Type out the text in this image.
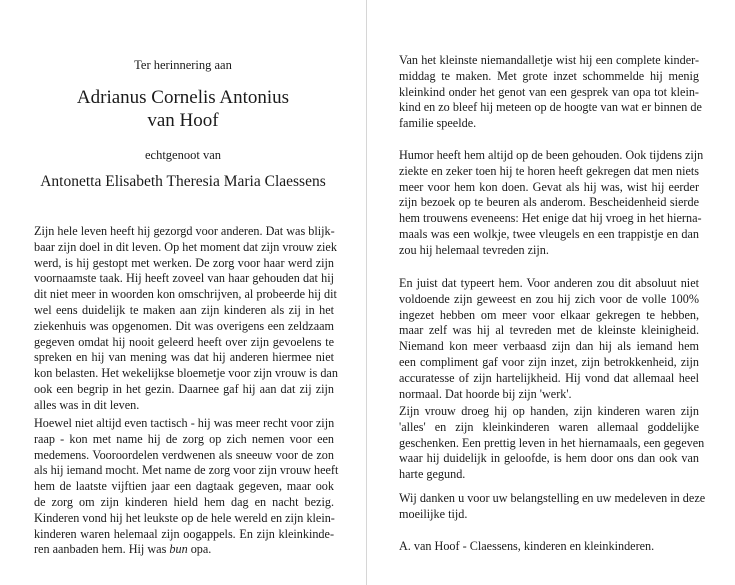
Ter herinnering aan
Adrianus Cornelis Antonius
van Hoof
echtgenoot van
Antonetta Elisabeth Theresia Maria Claessens
Zijn hele leven heeft hij gezorgd voor anderen. Dat was blijk-
baar zijn doel in dit leven. Op het moment dat zijn vrouw ziek
werd, is hij gestopt met werken. De zorg voor haar werd zijn
voornaamste taak. Hij heeft zoveel van haar gehouden dat hij
dit niet meer in woorden kon omschrijven, al probeerde hij dit
wel eens duidelijk te maken aan zijn kinderen als zij in het
ziekenhuis was opgenomen. Dit was overigens een zeldzaam
gegeven omdat hij nooit geleerd heeft over zijn gevoelens te
spreken en hij van mening was dat hij anderen hiermee niet
kon belasten. Het wekelijkse bloemetje voor zijn vrouw is dan
ook een begrip in het gezin. Daarnee gaf hij aan dat zij zijn
alles was in dit leven.
Hoewel niet altijd even tactisch - hij was meer recht voor zijn
raap - kon met name hij de zorg op zich nemen voor een
medemens. Vooroordelen verdwenen als sneeuw voor de zon
als hij iemand mocht. Met name de zorg voor zijn vrouw heeft
hem de laatste vijftien jaar een dagtaak gegeven, maar ook
de zorg om zijn kinderen hield hem dag en nacht bezig.
Kinderen vond hij het leukste op de hele wereld en zijn klein-
kinderen waren helemaal zijn oogappels. En zijn kleinkinde-
ren aanbaden hem. Hij was bun opa.
Van het kleinste niemandalletje wist hij een complete kinder-
middag te maken. Met grote inzet schommelde hij menig
kleinkind onder het genot van een gesprek van opa tot klein-
kind en zo bleef hij meteen op de hoogte van wat er binnen de
familie speelde.
Humor heeft hem altijd op de been gehouden. Ook tijdens zijn
ziekte en zeker toen hij te horen heeft gekregen dat men niets
meer voor hem kon doen. Gevat als hij was, wist hij eerder
zijn bezoek op te beuren als anderom. Bescheidenheid sierde
hem trouwens eveneens: Het enige dat hij vroeg in het hierna-
maals was een wolkje, twee vleugels en een trappistje en dan
zou hij helemaal tevreden zijn.
En juist dat typeert hem. Voor anderen zou dit absoluut niet
voldoende zijn geweest en zou hij zich voor de volle 100%
ingezet hebben om meer voor elkaar gekregen te hebben,
maar zelf was hij al tevreden met de kleinste kleinigheid.
Niemand kon meer verbaasd zijn dan hij als iemand hem
een compliment gaf voor zijn inzet, zijn betrokkenheid, zijn
accuratesse of zijn hartelijkheid. Hij vond dat allemaal heel
normaal. Dat hoorde bij zijn 'werk'.
Zijn vrouw droeg hij op handen, zijn kinderen waren zijn
'alles' en zijn kleinkinderen waren allemaal goddelijke
geschenken. Een prettig leven in het hiernamaals, een gegeven
waar hij duidelijk in geloofde, is hem door ons dan ook van
harte gegund.
Wij danken u voor uw belangstelling en uw medeleven in deze
moeilijke tijd.
A. van Hoof - Claessens, kinderen en kleinkinderen.
